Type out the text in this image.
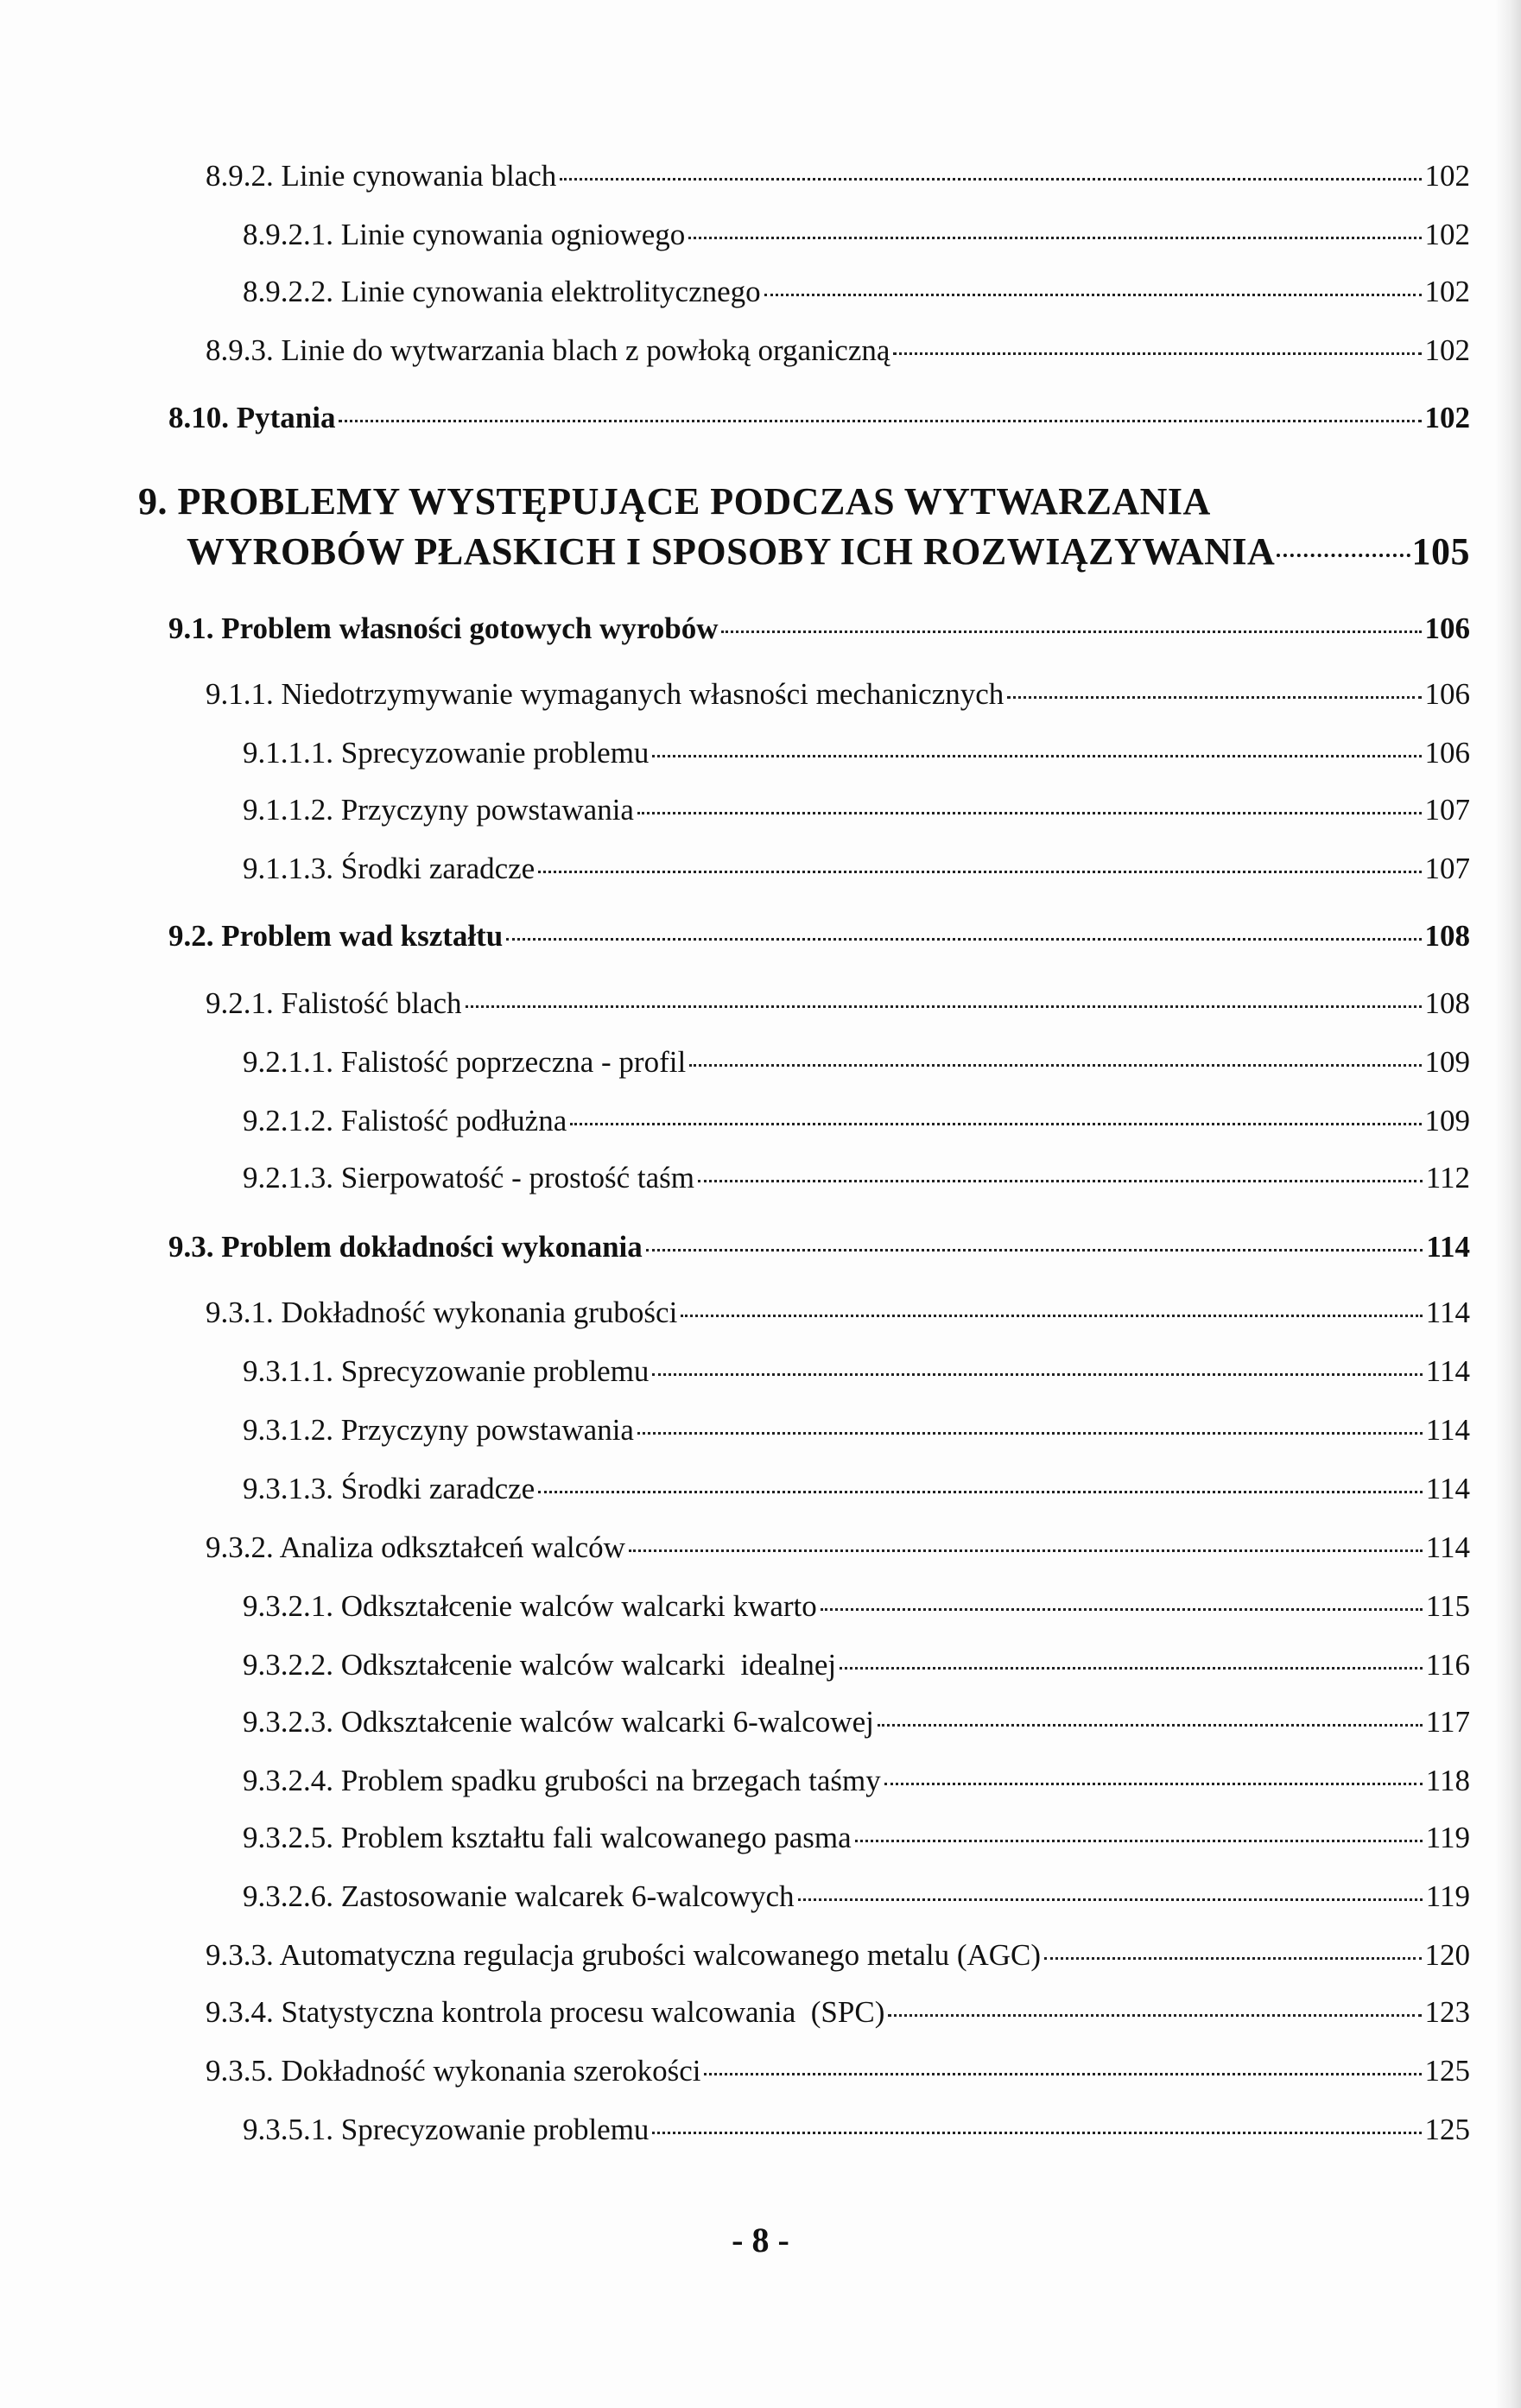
8.9.2. Linie cynowania blach	102
8.9.2.1. Linie cynowania ogniowego	102
8.9.2.2. Linie cynowania elektrolitycznego	102
8.9.3. Linie do wytwarzania blach z powłoką organiczną	102
8.10. Pytania	102
9. PROBLEMY WYSTĘPUJĄCE PODCZAS WYTWARZANIA
WYROBÓW PŁASKICH I SPOSOBY ICH ROZWIĄZYWANIA	105
9.1. Problem własności gotowych wyrobów	106
9.1.1. Niedotrzymywanie wymaganych własności mechanicznych	106
9.1.1.1. Sprecyzowanie problemu	106
9.1.1.2. Przyczyny powstawania	107
9.1.1.3. Środki zaradcze	107
9.2. Problem wad kształtu	108
9.2.1. Falistość blach	108
9.2.1.1. Falistość poprzeczna - profil	109
9.2.1.2. Falistość podłużna	109
9.2.1.3. Sierpowatość - prostość taśm	112
9.3. Problem dokładności wykonania	114
9.3.1. Dokładność wykonania grubości	114
9.3.1.1. Sprecyzowanie problemu	114
9.3.1.2. Przyczyny powstawania	114
9.3.1.3. Środki zaradcze	114
9.3.2. Analiza odkształceń walców	114
9.3.2.1. Odkształcenie walców walcarki kwarto	115
9.3.2.2. Odkształcenie walców walcarki  idealnej	116
9.3.2.3. Odkształcenie walców walcarki 6-walcowej	117
9.3.2.4. Problem spadku grubości na brzegach taśmy	118
9.3.2.5. Problem kształtu fali walcowanego pasma	119
9.3.2.6. Zastosowanie walcarek 6-walcowych	119
9.3.3. Automatyczna regulacja grubości walcowanego metalu (AGC)	120
9.3.4. Statystyczna kontrola procesu walcowania  (SPC)	123
9.3.5. Dokładność wykonania szerokości	125
9.3.5.1. Sprecyzowanie problemu	125
- 8 -
